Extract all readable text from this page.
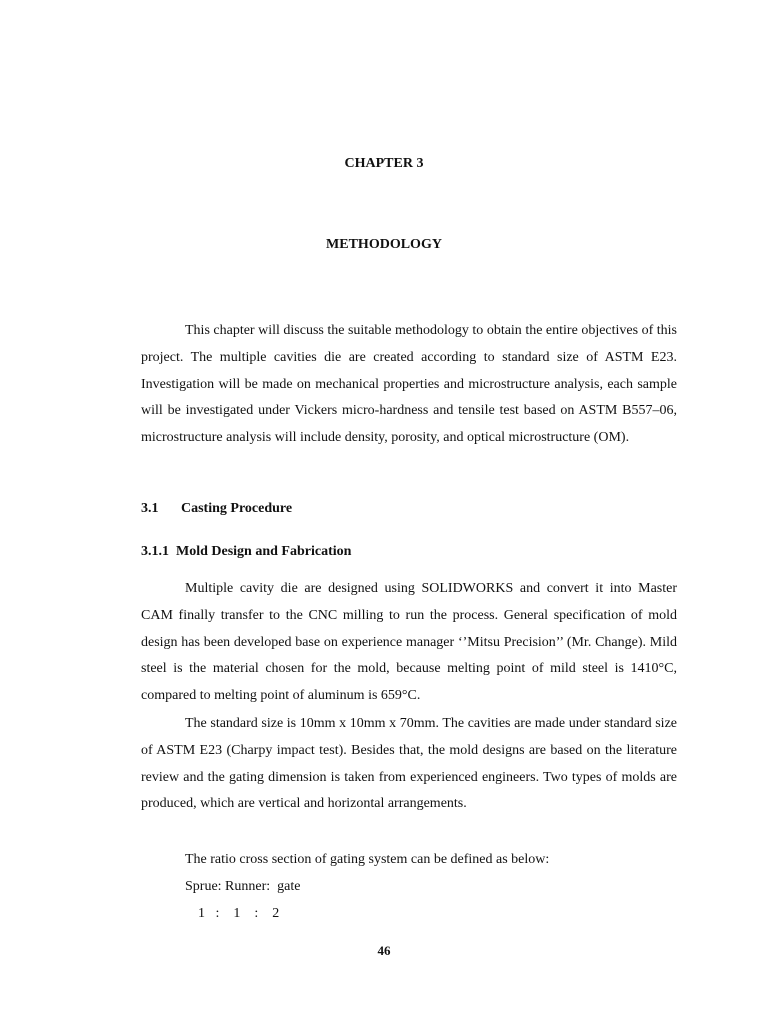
CHAPTER 3
METHODOLOGY

This chapter will discuss the suitable methodology to obtain the entire objectives of this project. The multiple cavities die are created according to standard size of ASTM E23. Investigation will be made on mechanical properties and microstructure analysis, each sample will be investigated under Vickers micro-hardness and tensile test based on ASTM B557–06, microstructure analysis will include density, porosity, and optical microstructure (OM).

3.1 Casting Procedure
3.1.1  Mold Design and Fabrication

Multiple cavity die are designed using SOLIDWORKS and convert it into Master CAM finally transfer to the CNC milling to run the process. General specification of mold design has been developed base on experience manager ‘’Mitsu Precision’’ (Mr. Change). Mild steel is the material chosen for the mold, because melting point of mild steel is 1410°C, compared to melting point of aluminum is 659°C.

The standard size is 10mm x 10mm x 70mm. The cavities are made under standard size of ASTM E23 (Charpy impact test). Besides that, the mold designs are based on the literature review and the gating dimension is taken from experienced engineers. Two types of molds are produced, which are vertical and horizontal arrangements.

The ratio cross section of gating system can be defined as below:
Sprue: Runner:  gate
1   :    1    :    2
46
